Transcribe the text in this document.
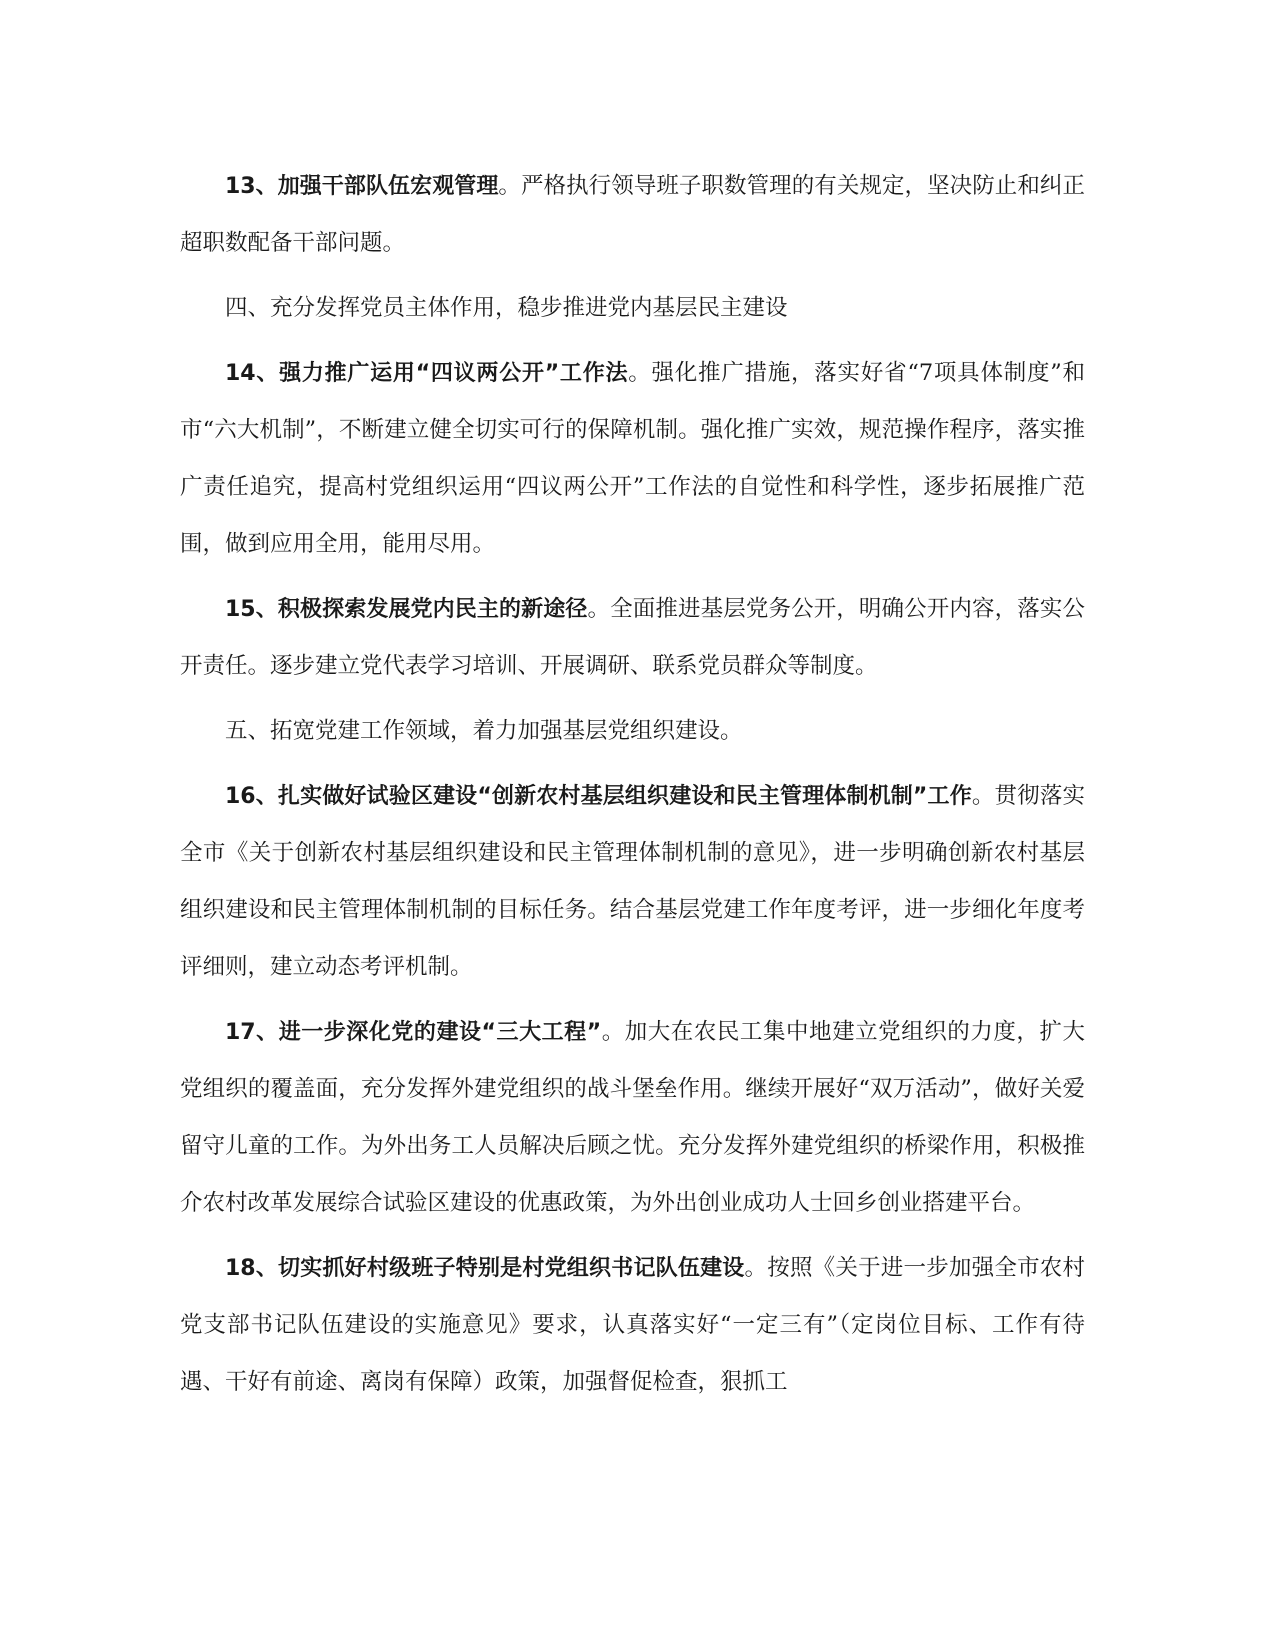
13、加强干部队伍宏观管理。严格执行领导班子职数管理的有关规定，坚决防止和纠正超职数配备干部问题。

四、充分发挥党员主体作用，稳步推进党内基层民主建设

14、强力推广运用“四议两公开”工作法。强化推广措施，落实好省“7项具体制度”和市“六大机制”，不断建立健全切实可行的保障机制。强化推广实效，规范操作程序，落实推广责任追究，提高村党组织运用“四议两公开”工作法的自觉性和科学性，逐步拓展推广范围，做到应用全用，能用尽用。

15、积极探索发展党内民主的新途径。全面推进基层党务公开，明确公开内容，落实公开责任。逐步建立党代表学习培训、开展调研、联系党员群众等制度。

五、拓宽党建工作领域，着力加强基层党组织建设。

16、扎实做好试验区建设“创新农村基层组织建设和民主管理体制机制”工作。贯彻落实全市《关于创新农村基层组织建设和民主管理体制机制的意见》，进一步明确创新农村基层组织建设和民主管理体制机制的目标任务。结合基层党建工作年度考评，进一步细化年度考评细则，建立动态考评机制。

17、进一步深化党的建设“三大工程”。加大在农民工集中地建立党组织的力度，扩大党组织的覆盖面，充分发挥外建党组织的战斗堡垒作用。继续开展好“双万活动”，做好关爱留守儿童的工作。为外出务工人员解决后顾之忧。充分发挥外建党组织的桥梁作用，积极推介农村改革发展综合试验区建设的优惠政策，为外出创业成功人士回乡创业搭建平台。

18、切实抓好村级班子特别是村党组织书记队伍建设。按照《关于进一步加强全市农村党支部书记队伍建设的实施意见》要求，认真落实好“一定三有”（定岗位目标、工作有待遇、干好有前途、离岗有保障）政策，加强督促检查，狠抓工
